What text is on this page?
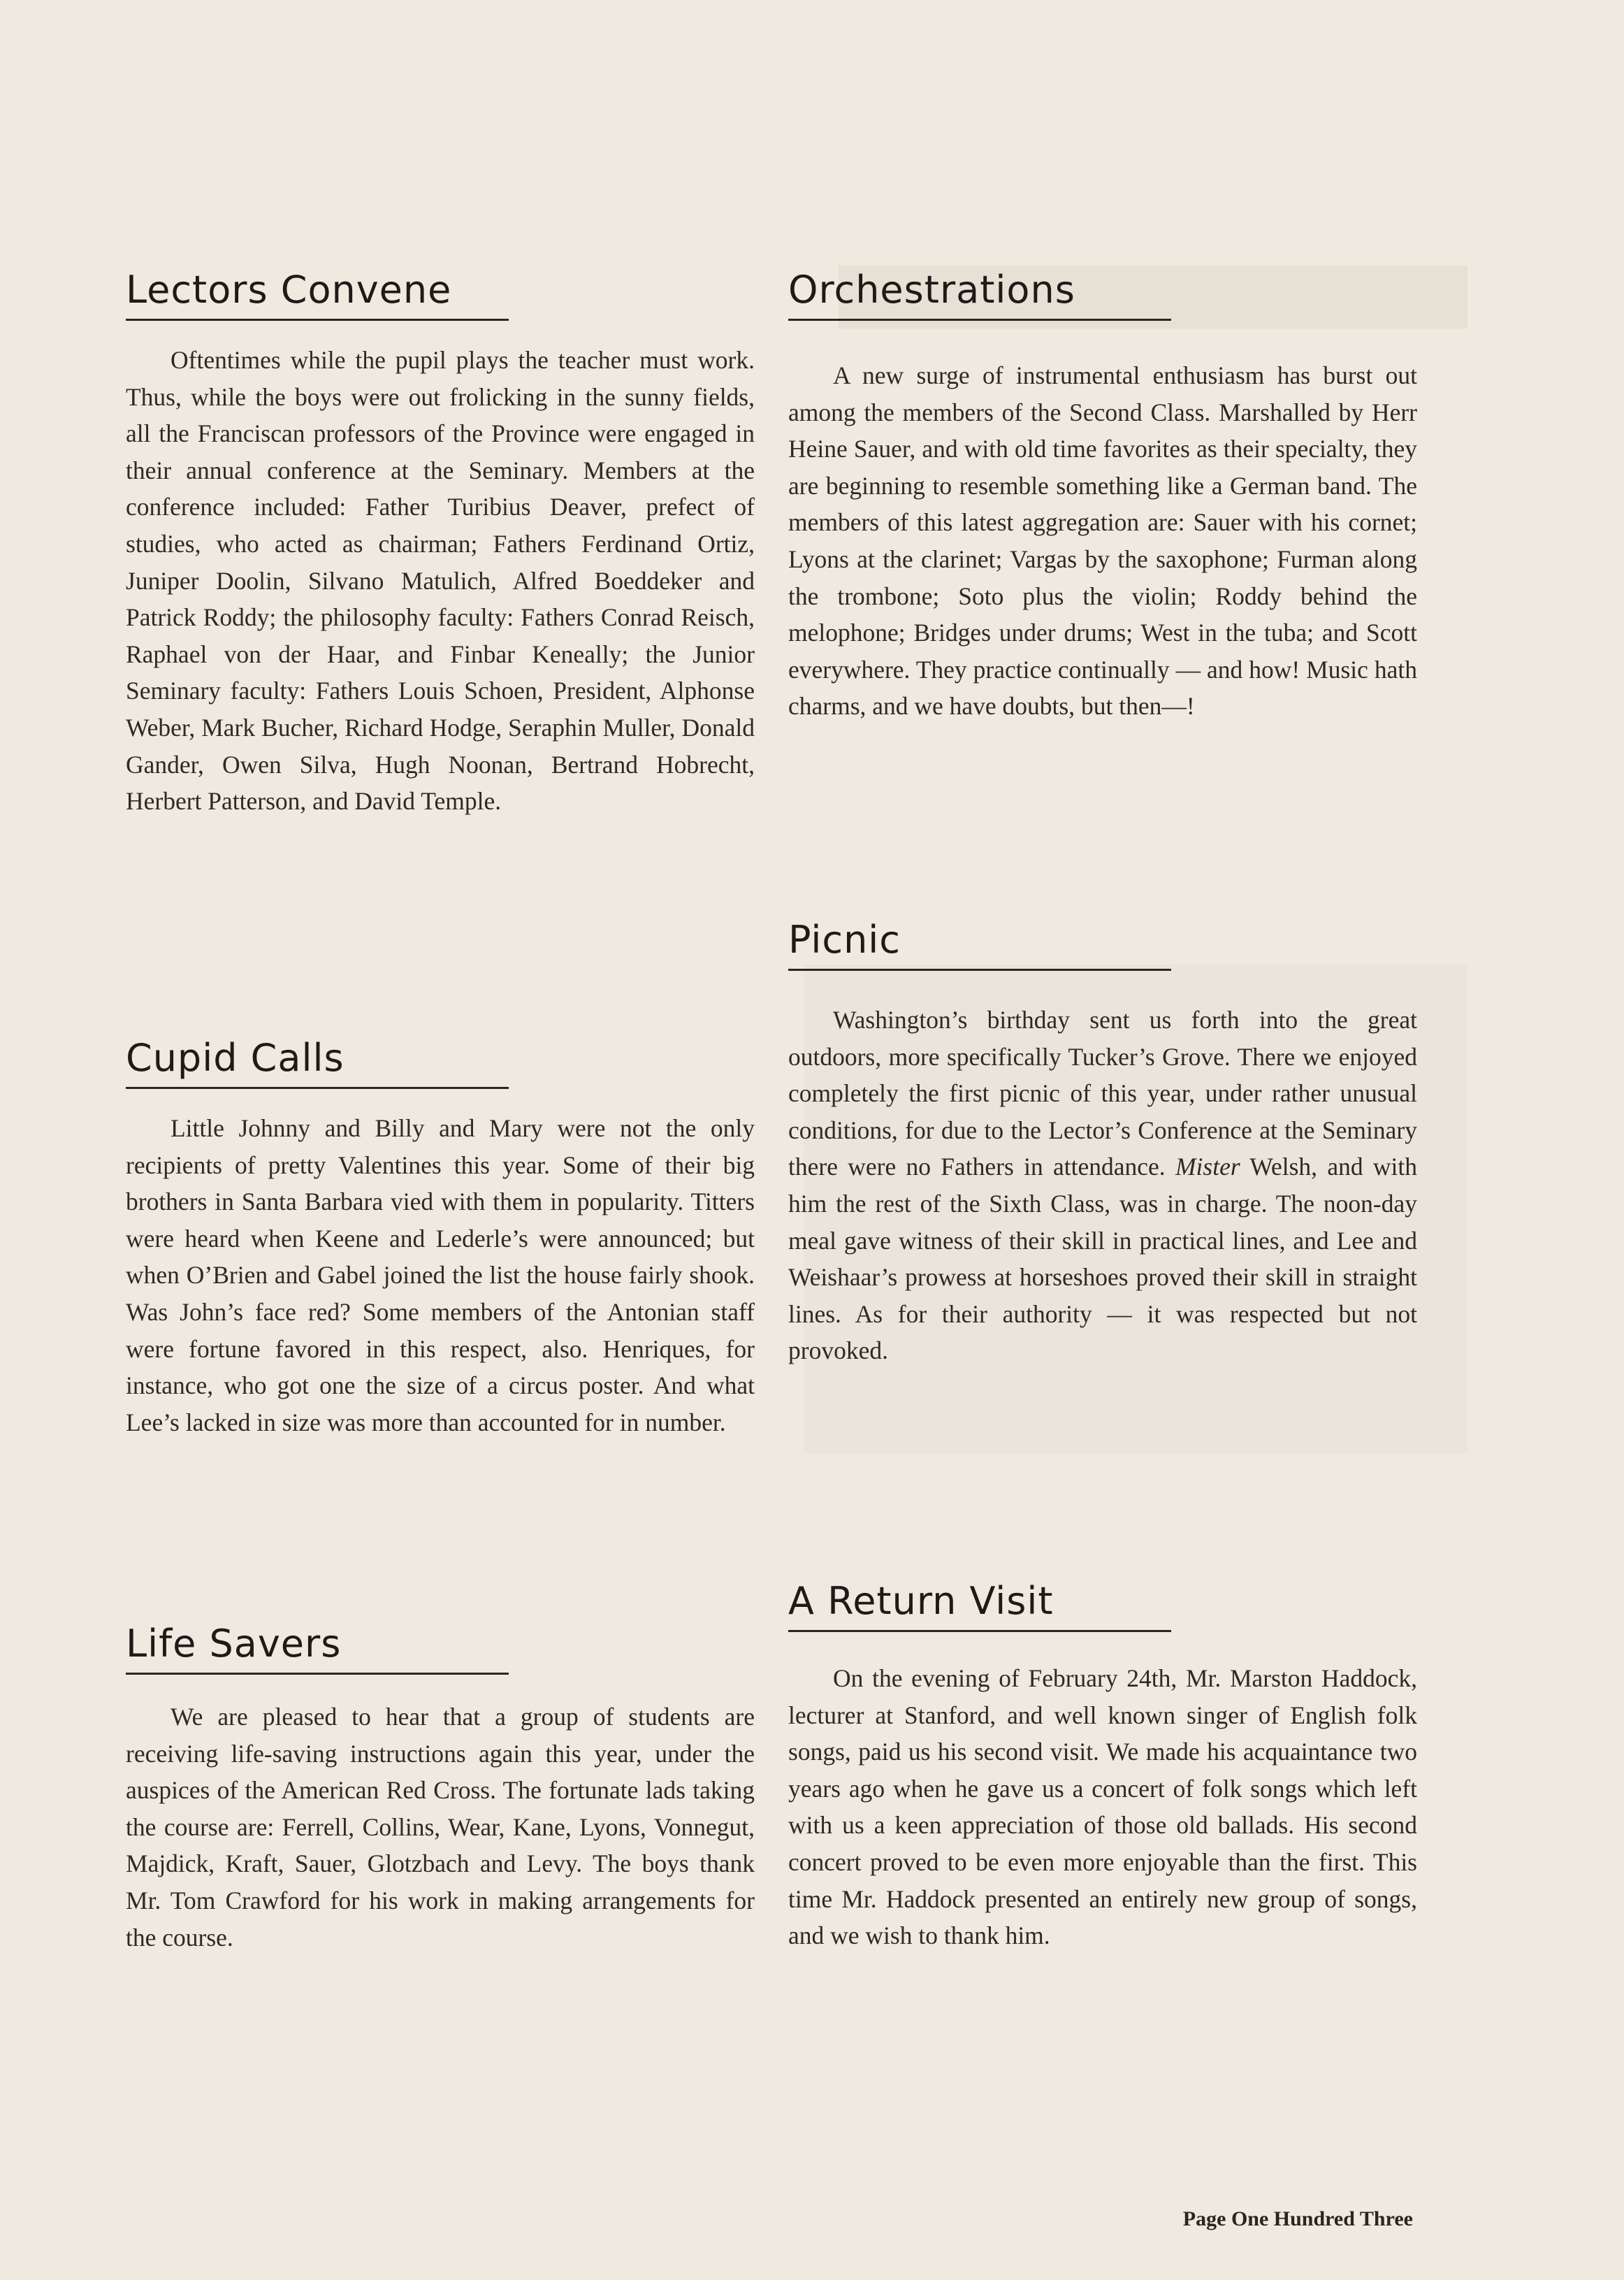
Lectors Convene

Oftentimes while the pupil plays the teacher must work. Thus, while the boys were out frolicking in the sunny fields, all the Franciscan professors of the Province were engaged in their annual conference at the Seminary. Members at the conference included: Father Turibius Deaver, prefect of studies, who acted as chairman; Fathers Ferdinand Ortiz, Juniper Doolin, Silvano Matulich, Alfred Boeddeker and Patrick Roddy; the philosophy faculty: Fathers Conrad Reisch, Raphael von der Haar, and Finbar Keneally; the Junior Seminary faculty: Fathers Louis Schoen, President, Alphonse Weber, Mark Bucher, Richard Hodge, Seraphin Muller, Donald Gander, Owen Silva, Hugh Noonan, Bertrand Hobrecht, Herbert Patterson, and David Temple.

Cupid Calls

Little Johnny and Billy and Mary were not the only recipients of pretty Valentines this year. Some of their big brothers in Santa Barbara vied with them in popularity. Titters were heard when Keene and Lederle’s were announced; but when O’Brien and Gabel joined the list the house fairly shook. Was John’s face red? Some members of the Antonian staff were fortune favored in this respect, also. Henriques, for instance, who got one the size of a circus poster. And what Lee’s lacked in size was more than accounted for in number.

Life Savers

We are pleased to hear that a group of students are receiving life-saving instructions again this year, under the auspices of the American Red Cross. The fortunate lads taking the course are: Ferrell, Collins, Wear, Kane, Lyons, Vonnegut, Majdick, Kraft, Sauer, Glotzbach and Levy. The boys thank Mr. Tom Crawford for his work in making arrangements for the course.

Orchestrations

A new surge of instrumental enthusiasm has burst out among the members of the Second Class. Marshalled by Herr Heine Sauer, and with old time favorites as their specialty, they are beginning to resemble something like a German band. The members of this latest aggregation are: Sauer with his cornet; Lyons at the clarinet; Vargas by the saxophone; Furman along the trombone; Soto plus the violin; Roddy behind the melophone; Bridges under drums; West in the tuba; and Scott everywhere. They practice continually — and how! Music hath charms, and we have doubts, but then—!

Picnic

Washington’s birthday sent us forth into the great outdoors, more specifically Tucker’s Grove. There we enjoyed completely the first picnic of this year, under rather unusual conditions, for due to the Lector’s Conference at the Seminary there were no Fathers in attendance. Mister Welsh, and with him the rest of the Sixth Class, was in charge. The noon-day meal gave witness of their skill in practical lines, and Lee and Weishaar’s prowess at horseshoes proved their skill in straight lines. As for their authority — it was respected but not provoked.

A Return Visit

On the evening of February 24th, Mr. Marston Haddock, lecturer at Stanford, and well known singer of English folk songs, paid us his second visit. We made his acquaintance two years ago when he gave us a concert of folk songs which left with us a keen appreciation of those old ballads. His second concert proved to be even more enjoyable than the first. This time Mr. Haddock presented an entirely new group of songs, and we wish to thank him.

Page One Hundred Three
